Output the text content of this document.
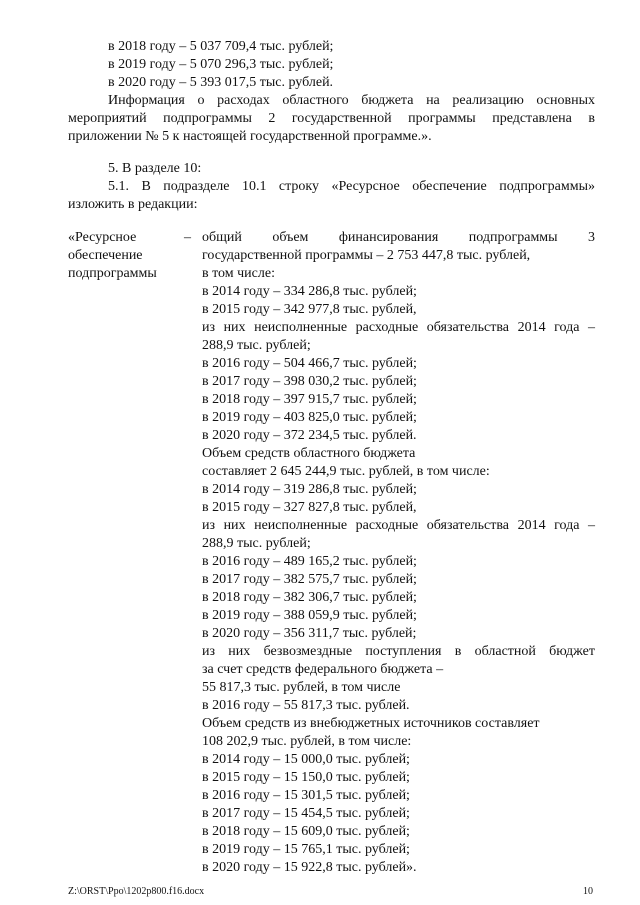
в 2018 году – 5 037 709,4 тыс. рублей;
в 2019 году – 5 070 296,3 тыс. рублей;
в 2020 году – 5 393 017,5 тыс. рублей.
Информация о расходах областного бюджета на реализацию основных
мероприятий подпрограммы 2 государственной программы представлена в
приложении № 5 к настоящей государственной программе.».
5. В разделе 10:
5.1. В подразделе 10.1 строку «Ресурсное обеспечение подпрограммы»
изложить в редакции:
«Ресурсное
обеспечение
подпрограммы
– общий объем финансирования подпрограммы 3
государственной программы – 2 753 447,8 тыс. рублей,
в том числе:
в 2014 году – 334 286,8 тыс. рублей;
в 2015 году – 342 977,8 тыс. рублей,
из них неисполненные расходные обязательства 2014 года –
288,9 тыс. рублей;
в 2016 году – 504 466,7 тыс. рублей;
в 2017 году – 398 030,2 тыс. рублей;
в 2018 году – 397 915,7 тыс. рублей;
в 2019 году – 403 825,0 тыс. рублей;
в 2020 году – 372 234,5 тыс. рублей.
Объем средств областного бюджета
составляет 2 645 244,9 тыс. рублей, в том числе:
в 2014 году – 319 286,8 тыс. рублей;
в 2015 году – 327 827,8 тыс. рублей,
из них неисполненные расходные обязательства 2014 года –
288,9 тыс. рублей;
в 2016 году – 489 165,2 тыс. рублей;
в 2017 году – 382 575,7 тыс. рублей;
в 2018 году – 382 306,7 тыс. рублей;
в 2019 году – 388 059,9 тыс. рублей;
в 2020 году – 356 311,7 тыс. рублей;
из них безвозмездные поступления в областной бюджет
за счет средств федерального бюджета –
55 817,3 тыс. рублей, в том числе
в 2016 году – 55 817,3 тыс. рублей.
Объем средств из внебюджетных источников составляет
108 202,9 тыс. рублей, в том числе:
в 2014 году – 15 000,0 тыс. рублей;
в 2015 году – 15 150,0 тыс. рублей;
в 2016 году – 15 301,5 тыс. рублей;
в 2017 году – 15 454,5 тыс. рублей;
в 2018 году – 15 609,0 тыс. рублей;
в 2019 году – 15 765,1 тыс. рублей;
в 2020 году – 15 922,8 тыс. рублей».
Z:\ORST\Ppo\1202p800.f16.docx	10
